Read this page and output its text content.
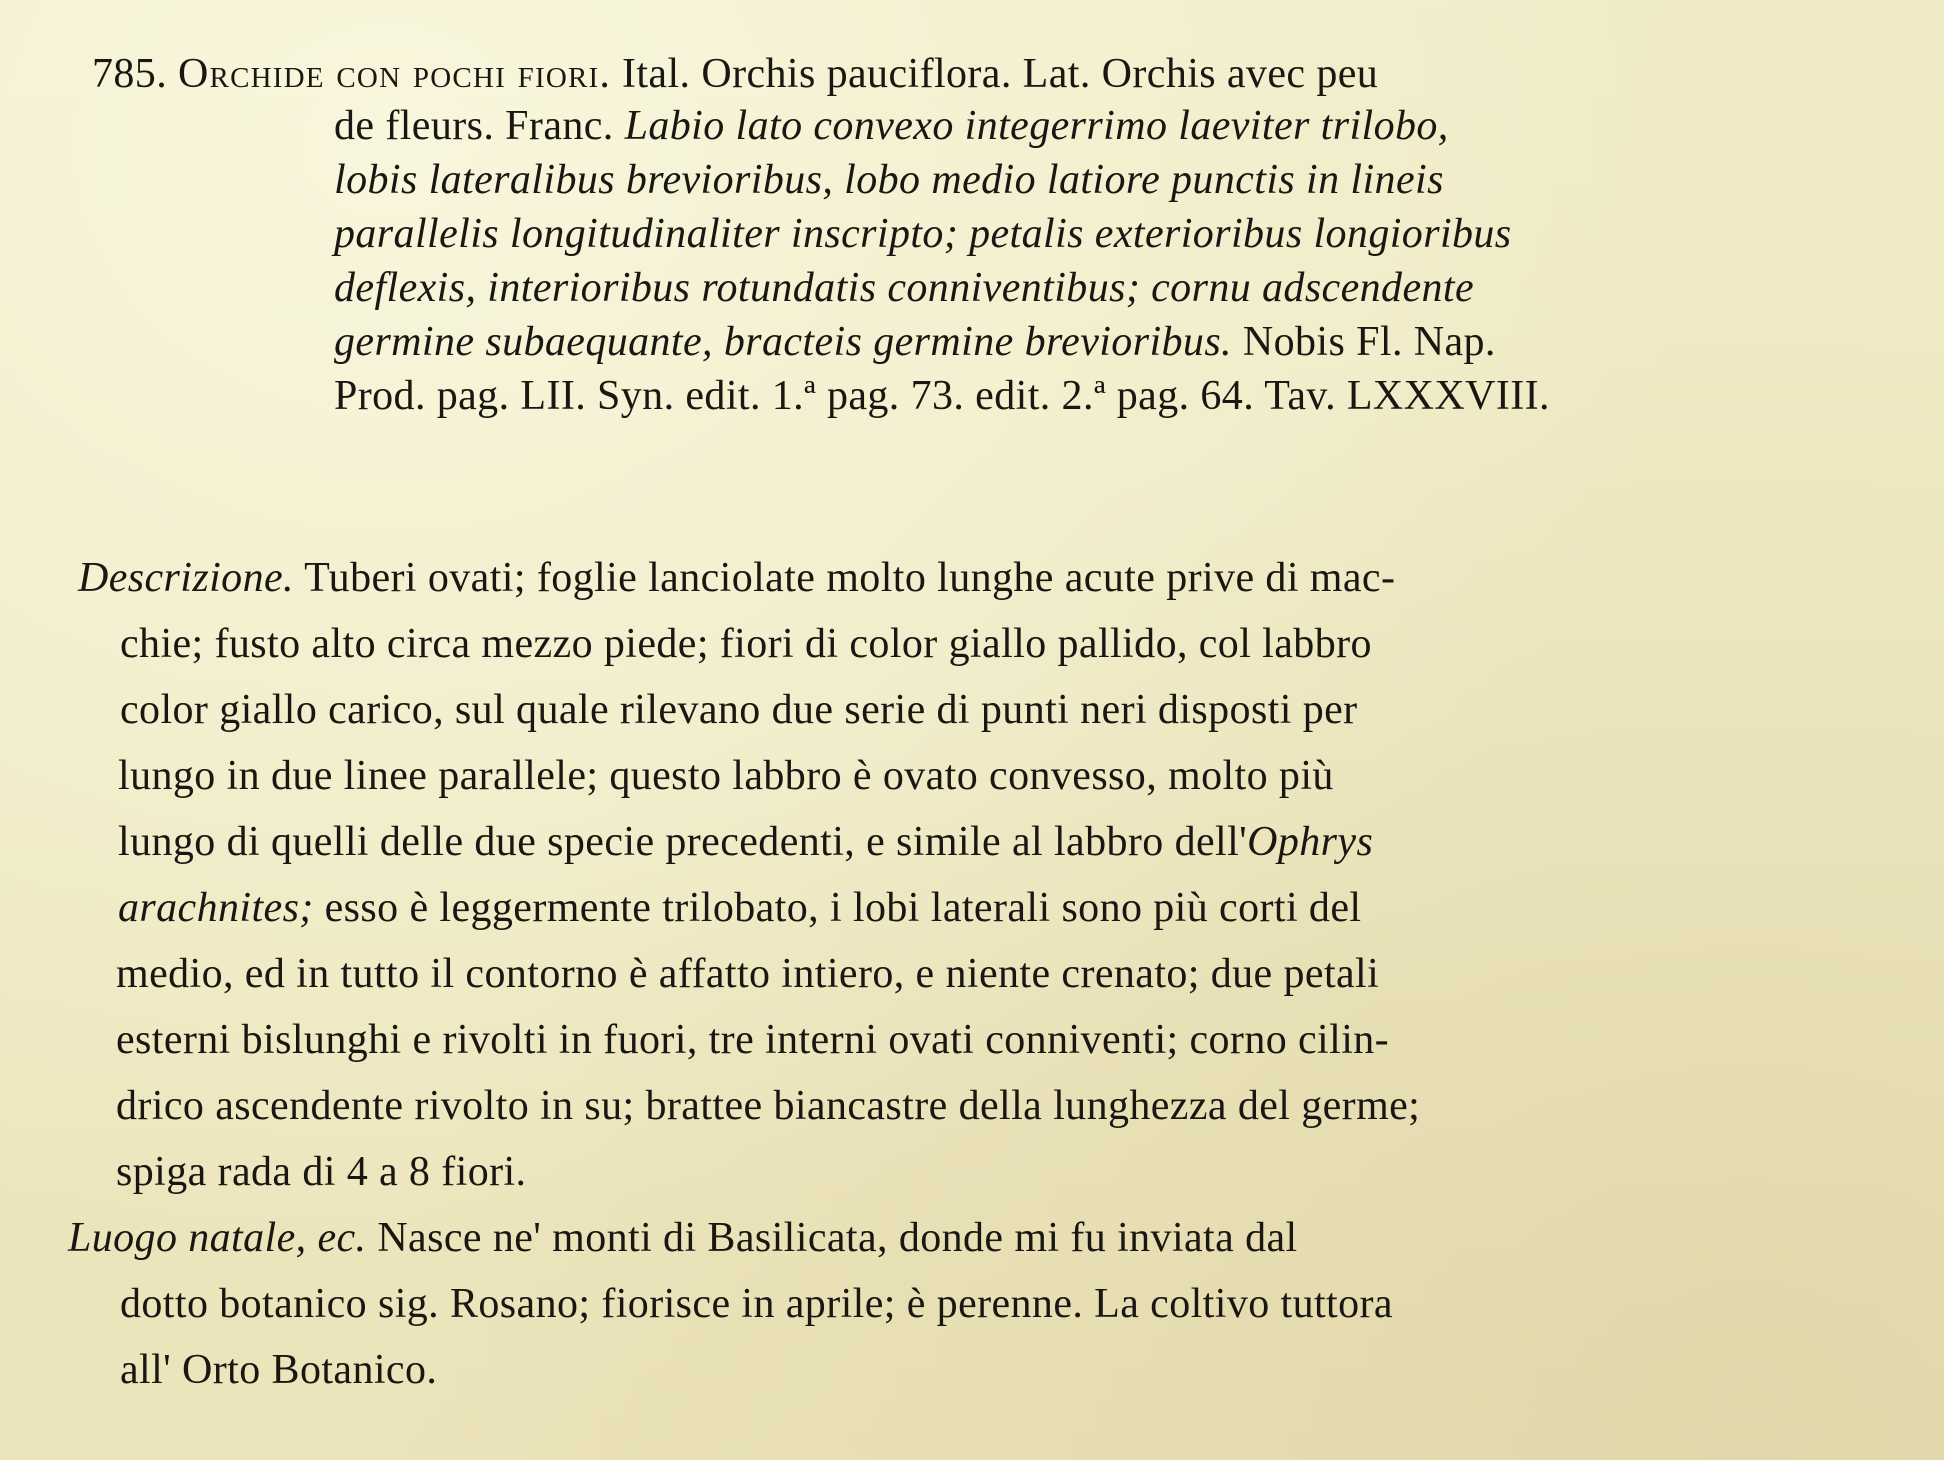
785. Orchide con pochi fiori. Ital. Orchis pauciflora. Lat. Orchis avec peu
de fleurs. Franc. Labio lato convexo integerrimo laeviter trilobo,
lobis lateralibus brevioribus, lobo medio latiore punctis in lineis
parallelis longitudinaliter inscripto; petalis exterioribus longioribus
deflexis, interioribus rotundatis conniventibus; cornu adscendente
germine subaequante, bracteis germine brevioribus. Nobis Fl. Nap.
Prod. pag. LII. Syn. edit. 1.ª pag. 73. edit. 2.ª pag. 64. Tav. LXXXVIII.
Descrizione. Tuberi ovati; foglie lanciolate molto lunghe acute prive di mac-
chie; fusto alto circa mezzo piede; fiori di color giallo pallido, col labbro
color giallo carico, sul quale rilevano due serie di punti neri disposti per
lungo in due linee parallele; questo labbro è ovato convesso, molto più
lungo di quelli delle due specie precedenti, e simile al labbro dell'Ophrys
arachnites; esso è leggermente trilobato, i lobi laterali sono più corti del
medio, ed in tutto il contorno è affatto intiero, e niente crenato; due petali
esterni bislunghi e rivolti in fuori, tre interni ovati conniventi; corno cilin-
drico ascendente rivolto in su; brattee biancastre della lunghezza del germe;
spiga rada di 4 a 8 fiori.
Luogo natale, ec. Nasce ne' monti di Basilicata, donde mi fu inviata dal
dotto botanico sig. Rosano; fiorisce in aprile; è perenne. La coltivo tuttora
all' Orto Botanico.
